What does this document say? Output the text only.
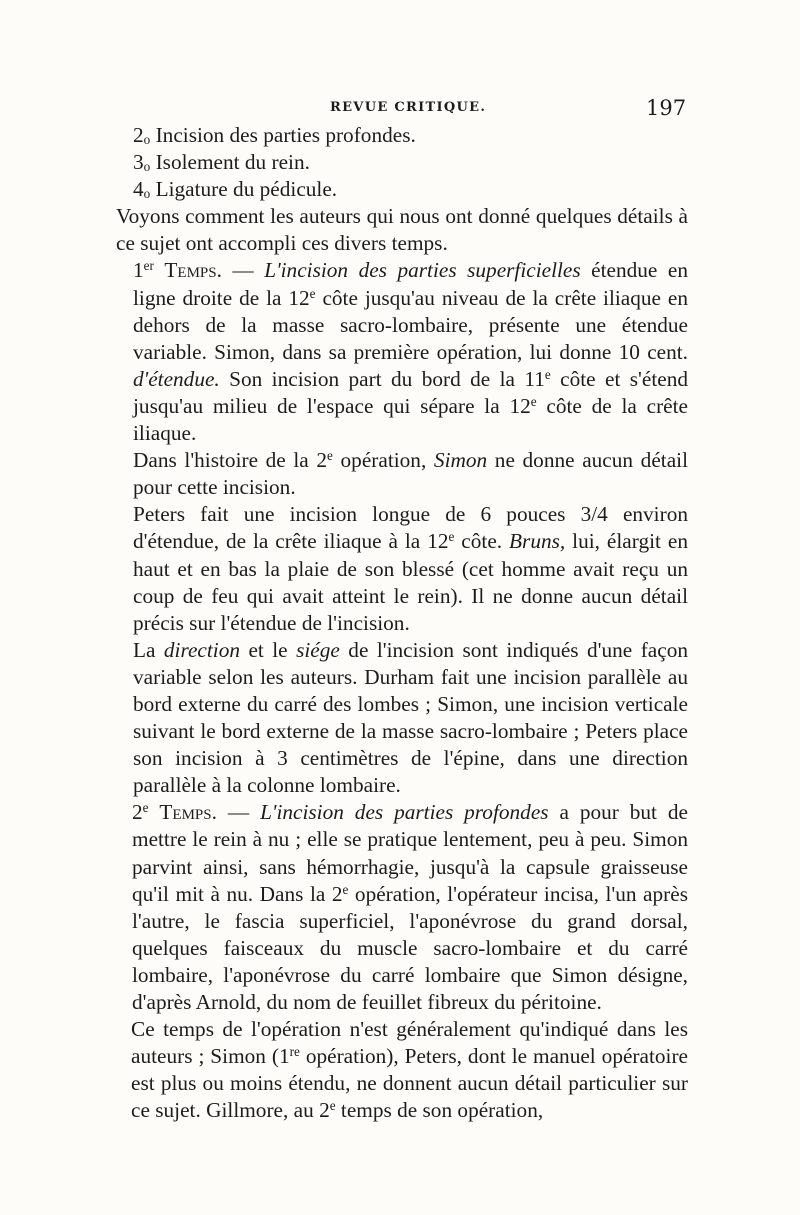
REVUE CRITIQUE.	197

2o Incision des parties profondes.

3o Isolement du rein.

4o Ligature du pédicule.

Voyons comment les auteurs qui nous ont donné quelques détails à ce sujet ont accompli ces divers temps.

1er Temps. — L'incision des parties superficielles étendue en ligne droite de la 12e côte jusqu'au niveau de la crête iliaque en dehors de la masse sacro-lombaire, présente une étendue variable. Simon, dans sa première opération, lui donne 10 cent. d'étendue. Son incision part du bord de la 11e côte et s'étend jusqu'au milieu de l'espace qui sépare la 12e côte de la crête iliaque.

Dans l'histoire de la 2e opération, Simon ne donne aucun détail pour cette incision.

Peters fait une incision longue de 6 pouces 3/4 environ d'étendue, de la crête iliaque à la 12e côte. Bruns, lui, élargit en haut et en bas la plaie de son blessé (cet homme avait reçu un coup de feu qui avait atteint le rein). Il ne donne aucun détail précis sur l'étendue de l'incision.

La direction et le siége de l'incision sont indiqués d'une façon variable selon les auteurs. Durham fait une incision parallèle au bord externe du carré des lombes ; Simon, une incision verticale suivant le bord externe de la masse sacro-lombaire ; Peters place son incision à 3 centimètres de l'épine, dans une direction parallèle à la colonne lombaire.

2e Temps. — L'incision des parties profondes a pour but de mettre le rein à nu ; elle se pratique lentement, peu à peu. Simon parvint ainsi, sans hémorrhagie, jusqu'à la capsule graisseuse qu'il mit à nu. Dans la 2e opération, l'opérateur incisa, l'un après l'autre, le fascia superficiel, l'aponévrose du grand dorsal, quelques faisceaux du muscle sacro-lombaire et du carré lombaire, l'aponévrose du carré lombaire que Simon désigne, d'après Arnold, du nom de feuillet fibreux du péritoine.

Ce temps de l'opération n'est généralement qu'indiqué dans les auteurs ; Simon (1re opération), Peters, dont le manuel opératoire est plus ou moins étendu, ne donnent aucun détail particulier sur ce sujet. Gillmore, au 2e temps de son opération,
